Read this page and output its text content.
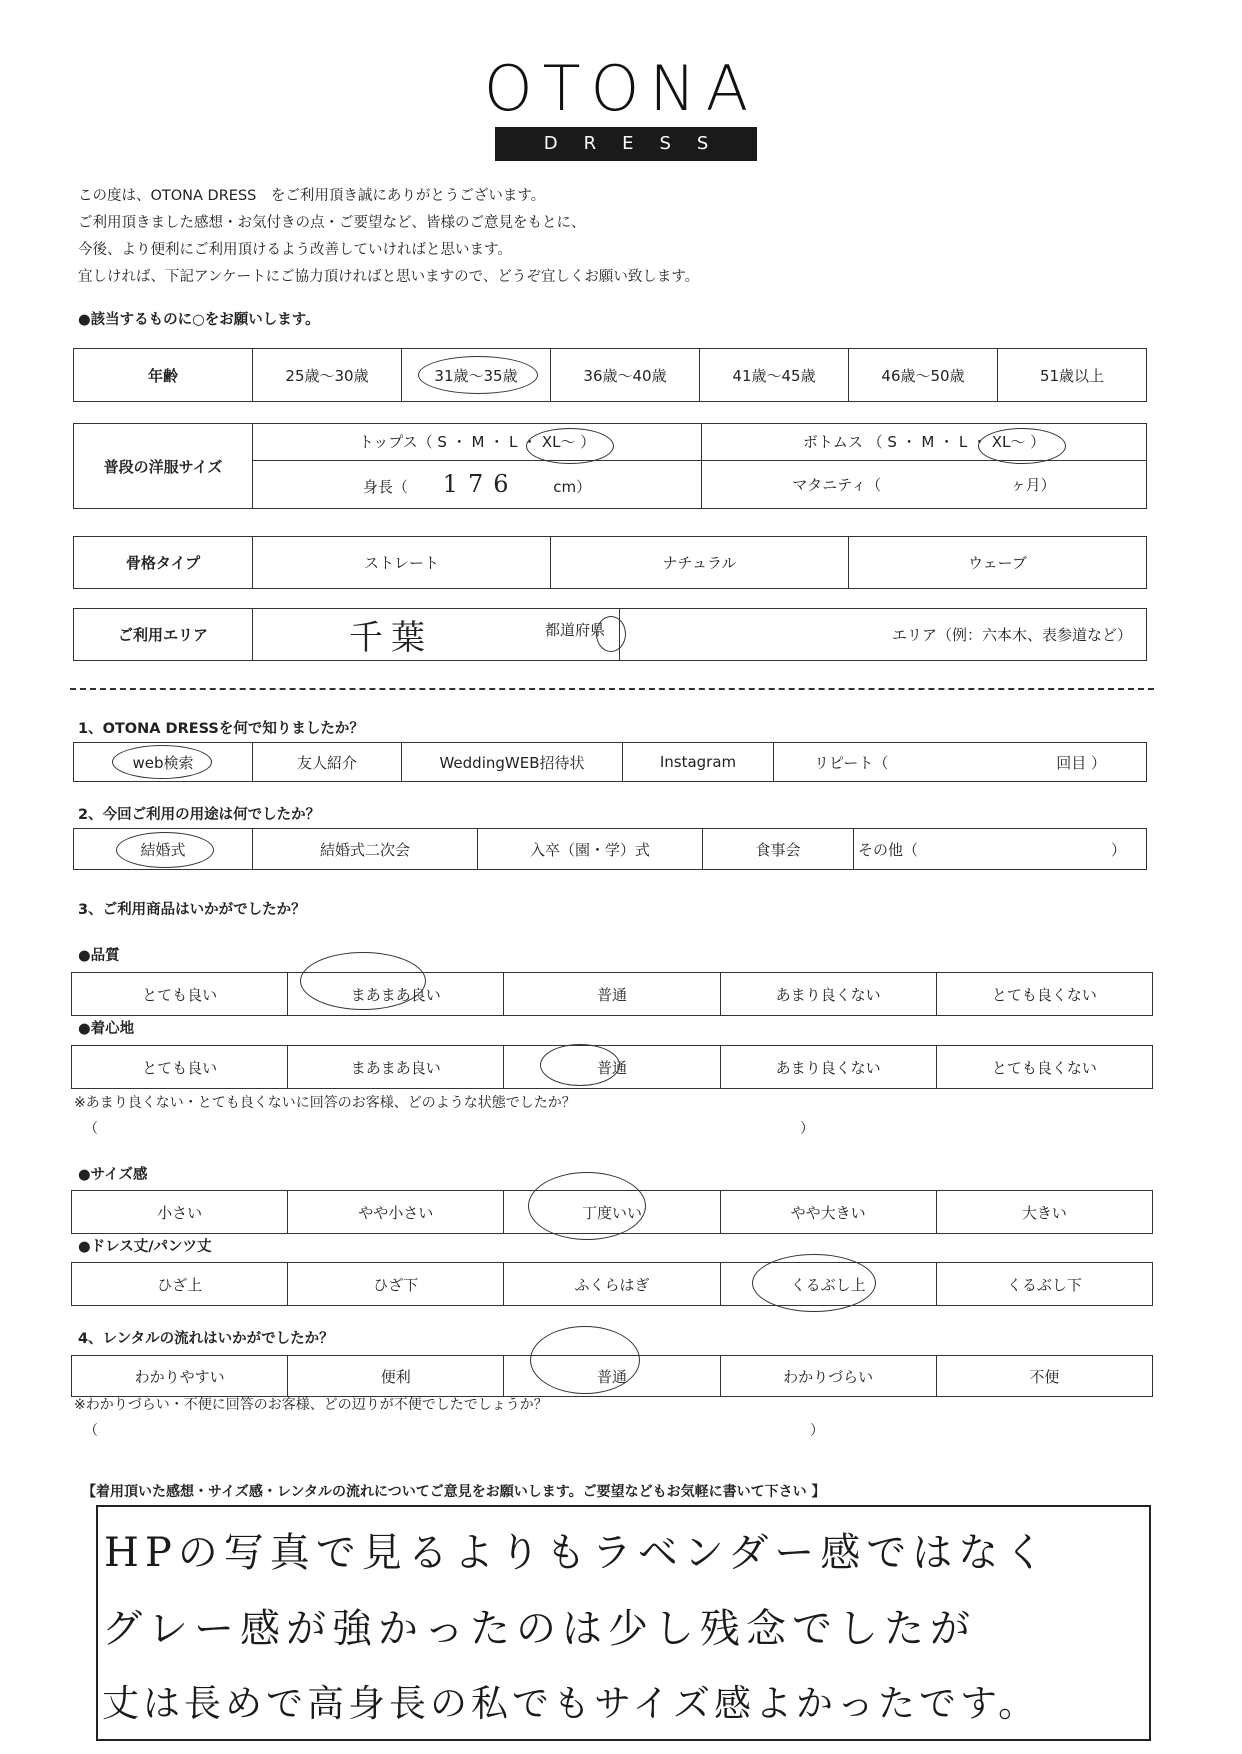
OTONA
DRESS
この度は、OTONA DRESS　をご利用頂き誠にありがとうございます。
ご利用頂きました感想・お気付きの点・ご要望など、皆様のご意見をもとに、
今後、より便利にご利用頂けるよう改善していければと思います。
宜しければ、下記アンケートにご協力頂ければと思いますので、どうぞ宜しくお願い致します。
●該当するものに○をお願いします。
年齢	25歳～30歳	31歳～35歳	36歳～40歳	41歳～45歳	46歳～50歳	51歳以上
普段の洋服サイズ	トップス（ S ・ M ・ L ・ XL～ ）	ボトムス （ S ・ M ・ L ・ XL～ ）
	身長（ 176 cm）	マタニティ（ ヶ月）
骨格タイプ	ストレート	ナチュラル	ウェーブ
ご利用エリア	千葉	都道府県	エリア（例：六本木、表参道など）
1、OTONA DRESSを何で知りましたか？
web検索	友人紹介	WeddingWEB招待状	Instagram	リピート（	回目 ）
2、今回ご利用の用途は何でしたか？
結婚式	結婚式二次会	入卒（園・学）式	食事会	その他（	）
3、ご利用商品はいかがでしたか？
●品質
とても良い	まあまあ良い	普通	あまり良くない	とても良くない
●着心地
とても良い	まあまあ良い	普通	あまり良くない	とても良くない
※あまり良くない・とても良くないに回答のお客様、どのような状態でしたか？
（	）
●サイズ感
小さい	やや小さい	丁度いい	やや大きい	大きい
●ドレス丈/パンツ丈
ひざ上	ひざ下	ふくらはぎ	くるぶし上	くるぶし下
4、レンタルの流れはいかがでしたか？
わかりやすい	便利	普通	わかりづらい	不便
※わかりづらい・不便に回答のお客様、どの辺りが不便でしたでしょうか？
（	）
【着用頂いた感想・サイズ感・レンタルの流れについてご意見をお願いします。ご要望などもお気軽に書いて下さい 】
HPの写真で見るよりもラベンダー感ではなく
グレー感が強かったのは少し残念でしたが
丈は長めで高身長の私でもサイズ感よかったです。
